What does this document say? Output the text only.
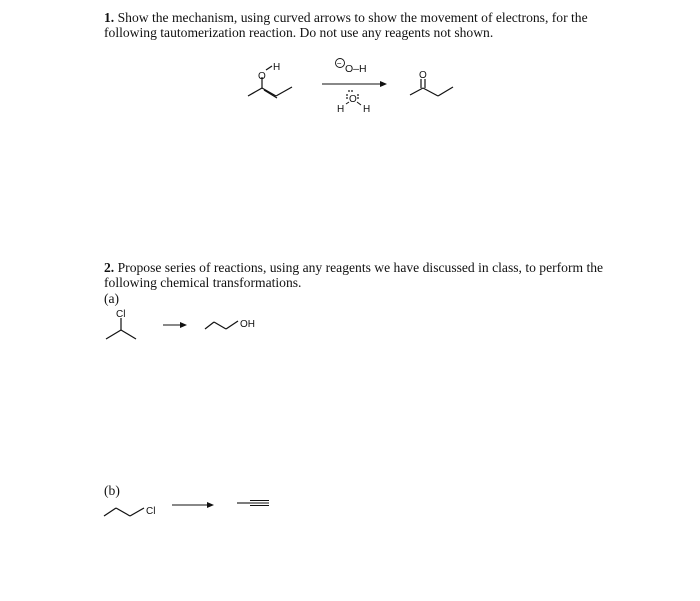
1. Show the mechanism, using curved arrows to show the movement of electrons, for the following tautomerization reaction. Do not use any reagents not shown.
2. Propose series of reactions, using any reagents we have discussed in class, to perform the following chemical transformations.
(a)
(b)
O
H	− O–H
O
H H
O
Cl
OH
Cl
